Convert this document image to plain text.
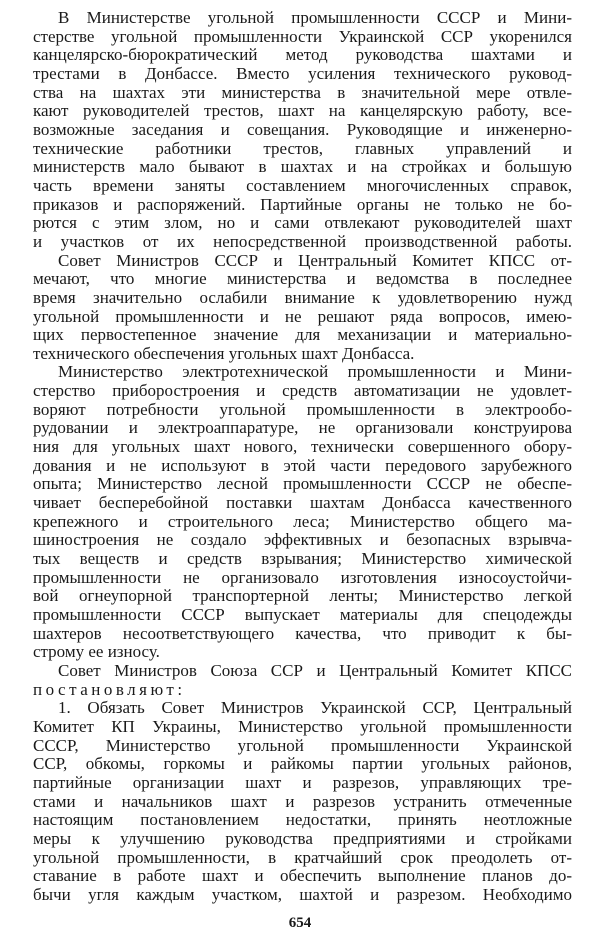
В Министерстве угольной промышленности СССР и Мини-
стерстве угольной промышленности Украинской ССР укоренился
канцелярско-бюрократический метод руководства шахтами и
трестами в Донбассе. Вместо усиления технического руковод-
ства на шахтах эти министерства в значительной мере отвле-
кают руководителей трестов, шахт на канцелярскую работу, все-
возможные заседания и совещания. Руководящие и инженерно-
технические работники трестов, главных управлений и
министерств мало бывают в шахтах и на стройках и большую
часть времени заняты составлением многочисленных справок,
приказов и распоряжений. Партийные органы не только не бо-
рются с этим злом, но и сами отвлекают руководителей шахт
и участков от их непосредственной производственной работы.
Совет Министров СССР и Центральный Комитет КПСС от-
мечают, что многие министерства и ведомства в последнее
время значительно ослабили внимание к удовлетворению нужд
угольной промышленности и не решают ряда вопросов, имею-
щих первостепенное значение для механизации и материально-
технического обеспечения угольных шахт Донбасса.
Министерство электротехнической промышленности и Мини-
стерство приборостроения и средств автоматизации не удовлет-
воряют потребности угольной промышленности в электрообо-
рудовании и электроаппаратуре, не организовали конструирова
ния для угольных шахт нового, технически совершенного обору-
дования и не используют в этой части передового зарубежного
опыта; Министерство лесной промышленности СССР не обеспе-
чивает бесперебойной поставки шахтам Донбасса качественного
крепежного и строительного леса; Министерство общего ма-
шиностроения не создало эффективных и безопасных взрывча-
тых веществ и средств взрывания; Министерство химической
промышленности не организовало изготовления износоустойчи-
вой огнеупорной транспортерной ленты; Министерство легкой
промышленности СССР выпускает материалы для спецодежды
шахтеров несоответствующего качества, что приводит к бы-
строму ее износу.
Совет Министров Союза ССР и Центральный Комитет КПСС
постановляют:
1. Обязать Совет Министров Украинской ССР, Центральный
Комитет КП Украины, Министерство угольной промышленности
СССР, Министерство угольной промышленности Украинской
ССР, обкомы, горкомы и райкомы партии угольных районов,
партийные организации шахт и разрезов, управляющих тре-
стами и начальников шахт и разрезов устранить отмеченные
настоящим постановлением недостатки, принять неотложные
меры к улучшению руководства предприятиями и стройками
угольной промышленности, в кратчайший срок преодолеть от-
ставание в работе шахт и обеспечить выполнение планов до-
бычи угля каждым участком, шахтой и разрезом. Необходимо
654
